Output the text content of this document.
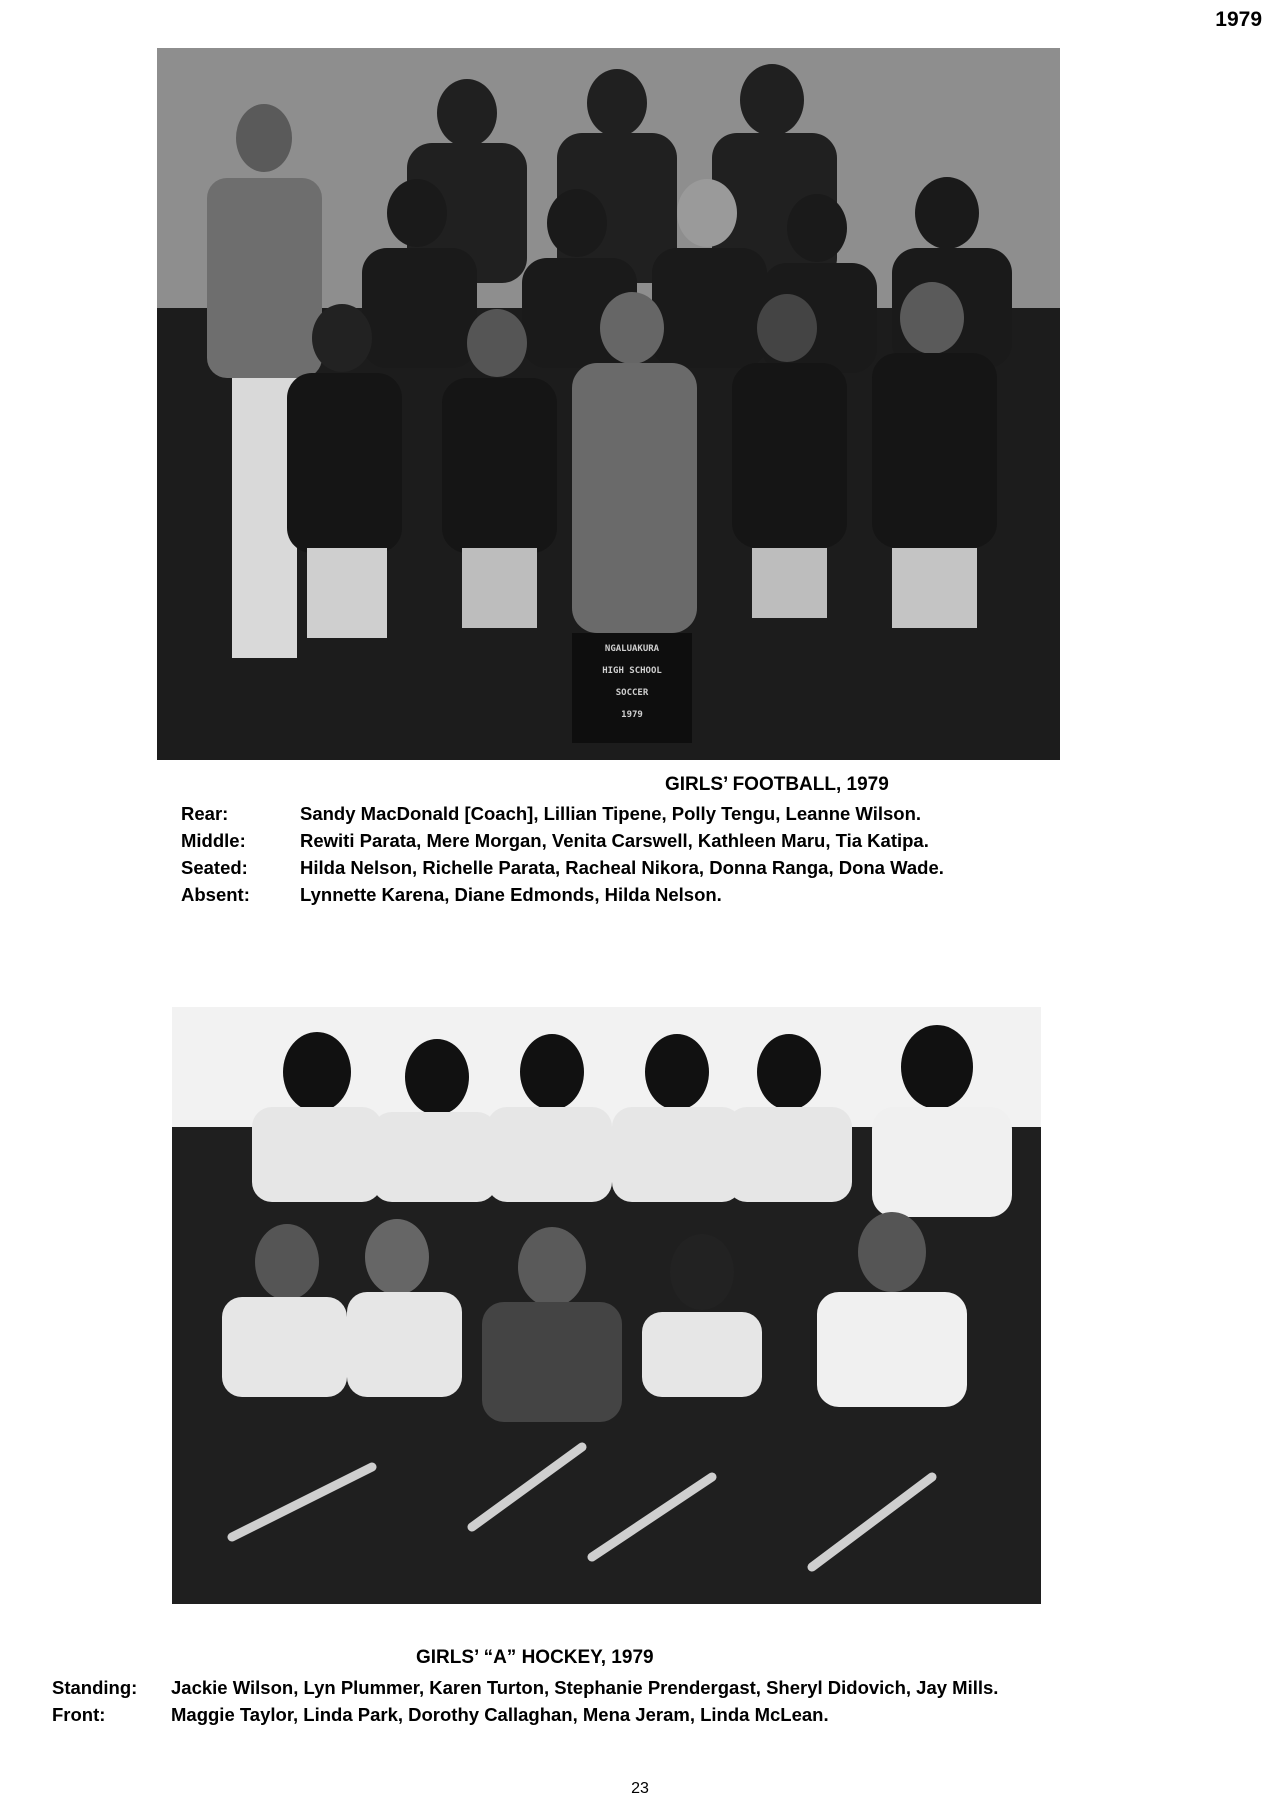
1979
NGALUAKURA
HIGH SCHOOL
SOCCER
1979
GIRLS’ FOOTBALL, 1979
Rear:	Sandy MacDonald [Coach], Lillian Tipene, Polly Tengu, Leanne Wilson.
Middle:	Rewiti Parata, Mere Morgan, Venita Carswell, Kathleen Maru, Tia Katipa.
Seated:	Hilda Nelson, Richelle Parata, Racheal Nikora, Donna Ranga, Dona Wade.
Absent:	Lynnette Karena, Diane Edmonds, Hilda Nelson.
GIRLS’ “A” HOCKEY, 1979
Standing:	Jackie Wilson, Lyn Plummer, Karen Turton, Stephanie Prendergast, Sheryl Didovich, Jay Mills.
Front:	Maggie Taylor, Linda Park, Dorothy Callaghan, Mena Jeram, Linda McLean.
23
